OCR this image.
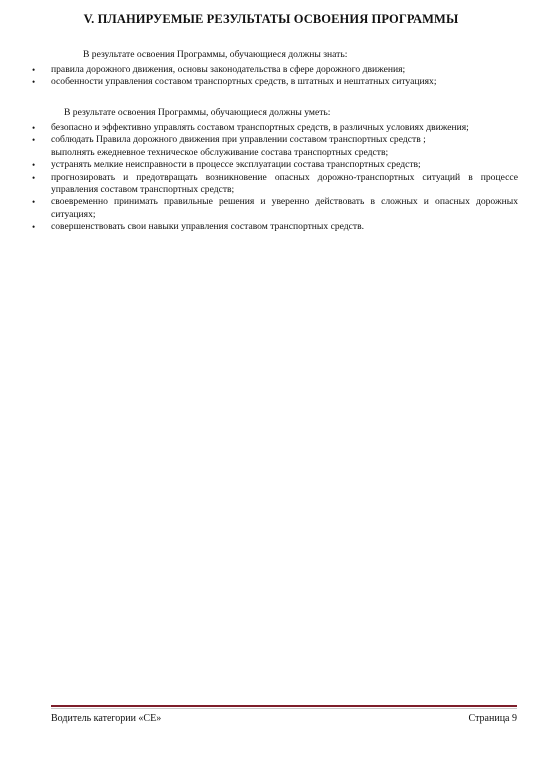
V. ПЛАНИРУЕМЫЕ РЕЗУЛЬТАТЫ ОСВОЕНИЯ ПРОГРАММЫ
В результате освоения Программы, обучающиеся должны знать:
• правила дорожного движения, основы законодательства в сфере дорожного движения;
• особенности управления составом транспортных средств, в штатных и нештатных ситуациях;
В результате освоения Программы, обучающиеся должны уметь:
• безопасно и эффективно управлять составом транспортных средств, в различных условиях движения;
• соблюдать Правила дорожного движения при управлении составом транспортных средств ;
выполнять ежедневное техническое обслуживание состава транспортных средств;
• устранять мелкие неисправности в процессе эксплуатации состава транспортных средств;
• прогнозировать и предотвращать возникновение опасных дорожно-транспортных ситуаций в процессе управления составом транспортных средств;
• своевременно принимать правильные решения и уверенно действовать в сложных и опасных дорожных ситуациях;
• совершенствовать свои навыки управления составом транспортных средств.
Водитель категории «СЕ»	Страница 9
